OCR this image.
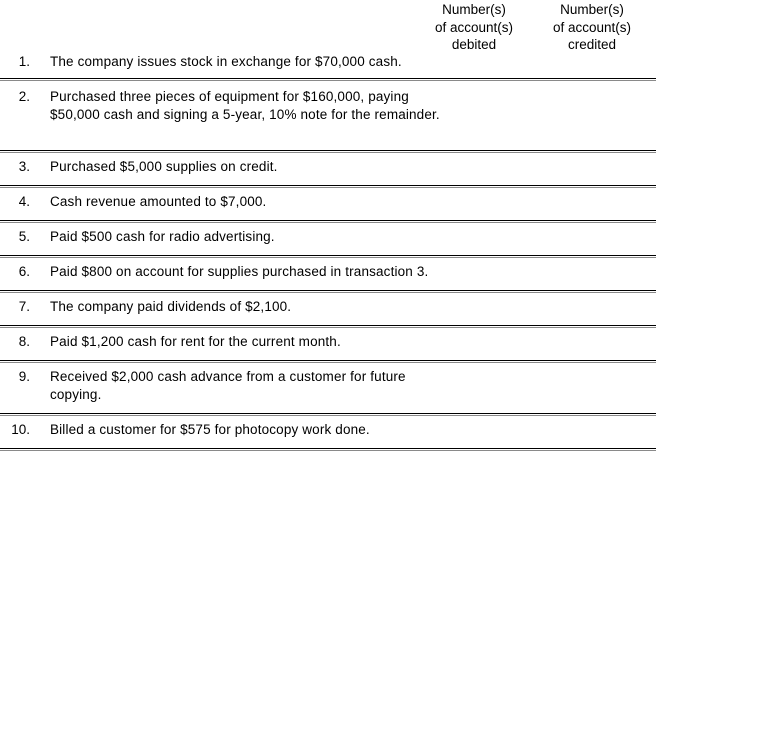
Number(s)
of account(s)
debited
Number(s)
of account(s)
credited
1. The company issues stock in exchange for $70,000 cash.
2. Purchased three pieces of equipment for $160,000, paying $50,000 cash and signing a 5-year, 10% note for the remainder.
3. Purchased $5,000 supplies on credit.
4. Cash revenue amounted to $7,000.
5. Paid $500 cash for radio advertising.
6. Paid $800 on account for supplies purchased in transaction 3.
7. The company paid dividends of $2,100.
8. Paid $1,200 cash for rent for the current month.
9. Received $2,000 cash advance from a customer for future copying.
10. Billed a customer for $575 for photocopy work done.
